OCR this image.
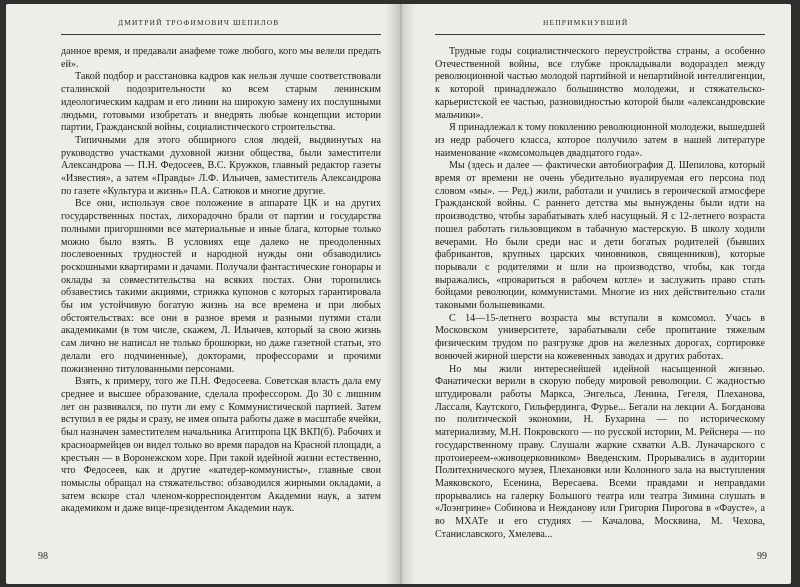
ДМИТРИЙ ТРОФИМОВИЧ ШЕПИЛОВ

данное время, и предавали анафеме тоже любого, кого мы велели предать ей».

Такой подбор и расстановка кадров как нельзя лучше соответствовали сталинской подозрительности ко всем старым ленинским идеологическим кадрам и его линии на широкую замену их послушными людьми, готовыми изобретать и внедрять любые концепции истории партии, Гражданской войны, социалистического строительства.

Типичными для этого обширного слоя людей, выдвинутых на руководство участками духовной жизни общества, были заместители Александрова — П.Н. Федосеев, В.С. Кружков, главный редактор газеты «Известия», а затем «Правды» Л.Ф. Ильичев, заместитель Александрова по газете «Культура и жизнь» П.А. Сатюков и многие другие.

Все они, используя свое положение в аппарате ЦК и на других государственных постах, лихорадочно брали от партии и государства полными пригоршнями все материальные и иные блага, которые только можно было взять. В условиях еще далеко не преодоленных послевоенных трудностей и народной нужды они обзаводились роскошными квартирами и дачами. Получали фантастические гонорары и оклады за совместительства на всяких постах. Они торопились обзавестись такими акциями, стрижка купонов с которых гарантировала бы им устойчивую богатую жизнь на все времена и при любых обстоятельствах: все они в разное время и разными путями стали академиками (в том числе, скажем, Л. Ильичев, который за свою жизнь сам лично не написал не только брошюрки, но даже газетной статьи, это делали его подчиненные), докторами, профессорами и прочими пожизненно титулованными персонами.

Взять, к примеру, того же П.Н. Федосеева. Советская власть дала ему среднее и высшее образование, сделала профессором. До 30 с лишним лет он развивался, по пути ли ему с Коммунистической партией. Затем вступил в ее ряды и сразу, не имея опыта работы даже в масштабе ячейки, был назначен заместителем начальника Агитпропа ЦК ВКП(б). Рабочих и красноармейцев он видел только во время парадов на Красной площади, а крестьян — в Воронежском хоре. При такой идейной жизни естественно, что Федосеев, как и другие «катедер-коммунисты», главные свои помыслы обращал на стяжательство: обзаводился жирными окладами, а затем вскоре стал членом-корреспондентом Академии наук, а затем академиком и даже вице-президентом Академии наук.

98
НЕПРИМКНУВШИЙ

Трудные годы социалистического переустройства страны, а особенно Отечественной войны, все глубже прокладывали водораздел между революционной частью молодой партийной и непартийной интеллигенции, к которой принадлежало большинство молодежи, и стяжательско-карьеристской ее частью, разновидностью которой были «александровские мальчики».

Я принадлежал к тому поколению революционной молодежи, вышедшей из недр рабочего класса, которое получило затем в нашей литературе наименование «комсомольцев двадцатого года».

Мы (здесь и далее — фактически автобиография Д. Шепилова, который время от времени не очень убедительно вуалируемая его персона под словом «мы». — Ред.) жили, работали и учились в героической атмосфере Гражданской войны. С раннего детства мы вынуждены были идти на производство, чтобы зарабатывать хлеб насущный. Я с 12-летнего возраста пошел работать гильзовщиком в табачную мастерскую. В школу ходили вечерами. Но были среди нас и дети богатых родителей (бывших фабрикантов, крупных царских чиновников, священников), которые порывали с родителями и шли на производство, чтобы, как тогда выражались, «провариться в рабочем котле» и заслужить право стать бойцами революции, коммунистами. Многие из них действительно стали таковыми большевиками.

С 14—15-летнего возраста мы вступали в комсомол. Учась в Московском университете, зарабатывали себе пропитание тяжелым физическим трудом по разгрузке дров на железных дорогах, сортировке вонючей жирной шерсти на кожевенных заводах и других работах.

Но мы жили интереснейшей идейной насыщенной жизнью. Фанатически верили в скорую победу мировой революции. С жадностью штудировали работы Маркса, Энгельса, Ленина, Гегеля, Плеханова, Лассаля, Каутского, Гильфердинга, Фурье... Бегали на лекции А. Богданова по политической экономии, Н. Бухарина — по историческому материализму, М.Н. Покровского — по русской истории, М. Рейснера — по государственному праву. Слушали жаркие схватки А.В. Луначарского с протоиереем-«живоцерковником» Введенским. Прорывались в аудитории Политехнического музея, Плехановки или Колонного зала на выступления Маяковского, Есенина, Вересаева. Всеми правдами и неправдами прорывались на галерку Большого театра или театра Зимина слушать в «Лоэнгрине» Собинова и Нежданову или Григория Пирогова в «Фаусте», а во МХАТе и его студиях — Качалова, Москвина, М. Чехова, Станиславского, Хмелева...

99
